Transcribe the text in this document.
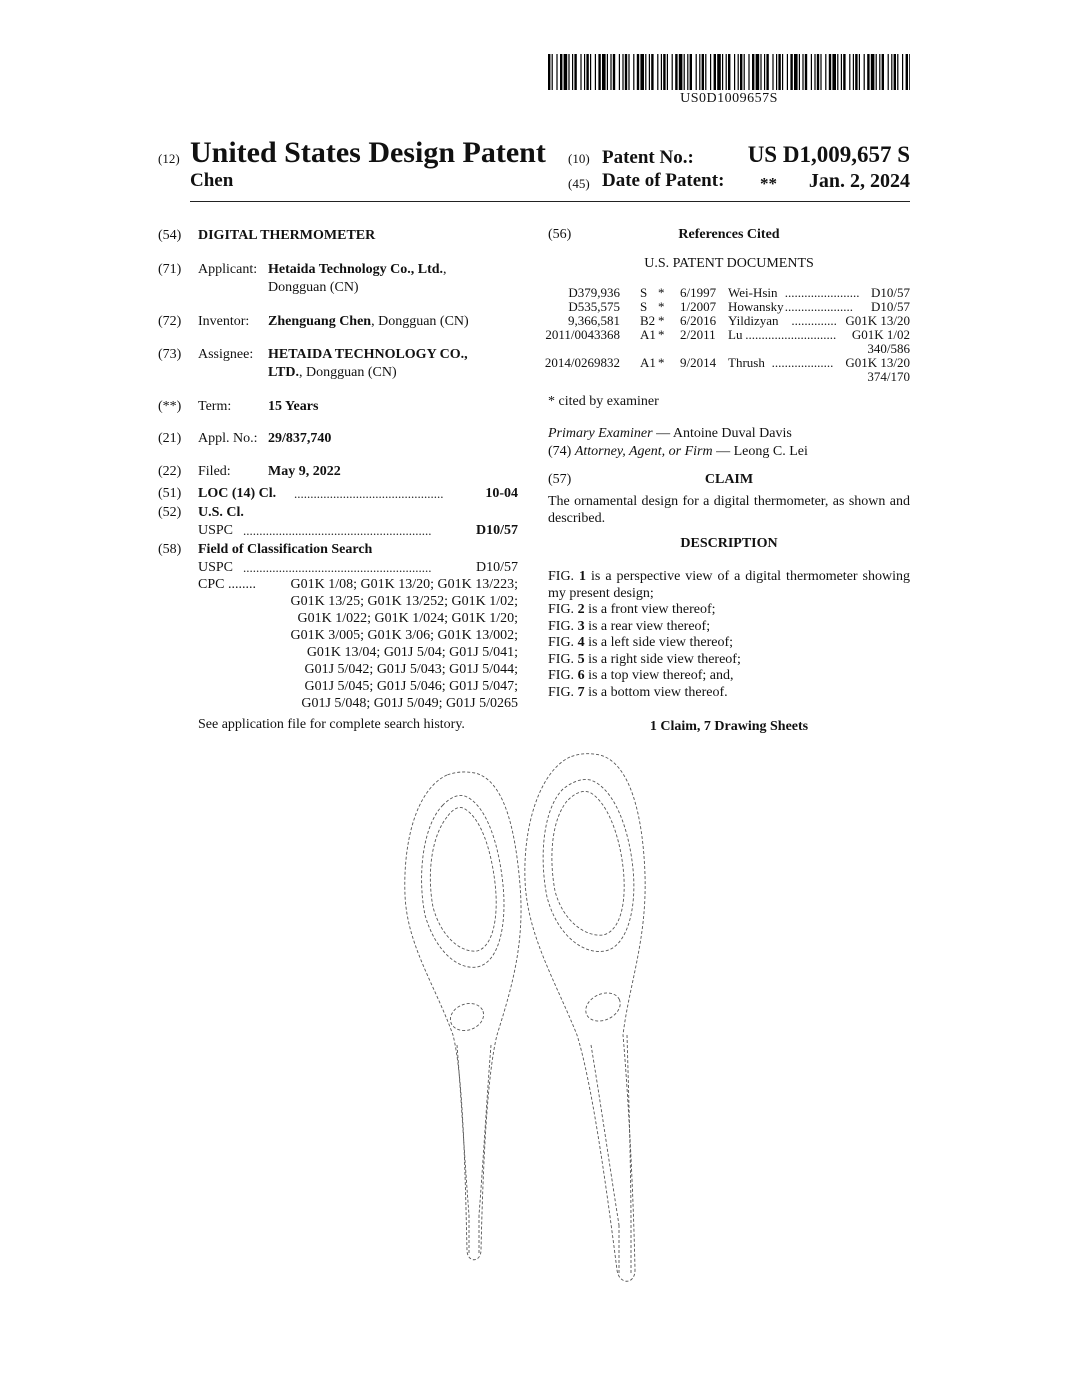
US0D1009657S
(12) United States Design Patent
Chen
(10) Patent No.:	US D1,009,657 S
(45) Date of Patent: **	Jan. 2, 2024
(54) DIGITAL THERMOMETER
(71) Applicant: Hetaida Technology Co., Ltd.,
Dongguan (CN)
(72) Inventor: Zhenguang Chen, Dongguan (CN)
(73) Assignee: HETAIDA TECHNOLOGY CO.,
LTD., Dongguan (CN)
(**) Term:	15 Years
(21) Appl. No.: 29/837,740
(22) Filed:	May 9, 2022
(51) LOC (14) Cl. ..............................................	10-04
(52) U.S. Cl.
USPC ..........................................................	D10/57
(58) Field of Classification Search
USPC ..........................................................	D10/57
CPC ........	G01K 1/08; G01K 13/20; G01K 13/223;
G01K 13/25; G01K 13/252; G01K 1/02;
G01K 1/022; G01K 1/024; G01K 1/20;
G01K 3/005; G01K 3/06; G01K 13/002;
G01K 13/04; G01J 5/04; G01J 5/041;
G01J 5/042; G01J 5/043; G01J 5/044;
G01J 5/045; G01J 5/046; G01J 5/047;
G01J 5/048; G01J 5/049; G01J 5/0265
See application file for complete search history.
(56)	References Cited
U.S. PATENT DOCUMENTS
D379,936 S * 6/1997 Wei-Hsin	D10/57
.......................
D535,575 S * 1/2007 Howansky	D10/57
.....................
9,366,581 B2 * 6/2016 Yildizyan	G01K 13/20
..............
2011/0043368 A1 * 2/2011 Lu	G01K 1/02
............................
340/586
2014/0269832 A1 * 9/2014 Thrush	G01K 13/20
...................
374/170
* cited by examiner
Primary Examiner — Antoine Duval Davis
(74) Attorney, Agent, or Firm — Leong C. Lei
(57)	CLAIM
The ornamental design for a digital thermometer, as shown and described.
DESCRIPTION
FIG. 1 is a perspective view of a digital thermometer showing my present design;
FIG. 2 is a front view thereof;
FIG. 3 is a rear view thereof;
FIG. 4 is a left side view thereof;
FIG. 5 is a right side view thereof;
FIG. 6 is a top view thereof; and,
FIG. 7 is a bottom view thereof.
1 Claim, 7 Drawing Sheets
